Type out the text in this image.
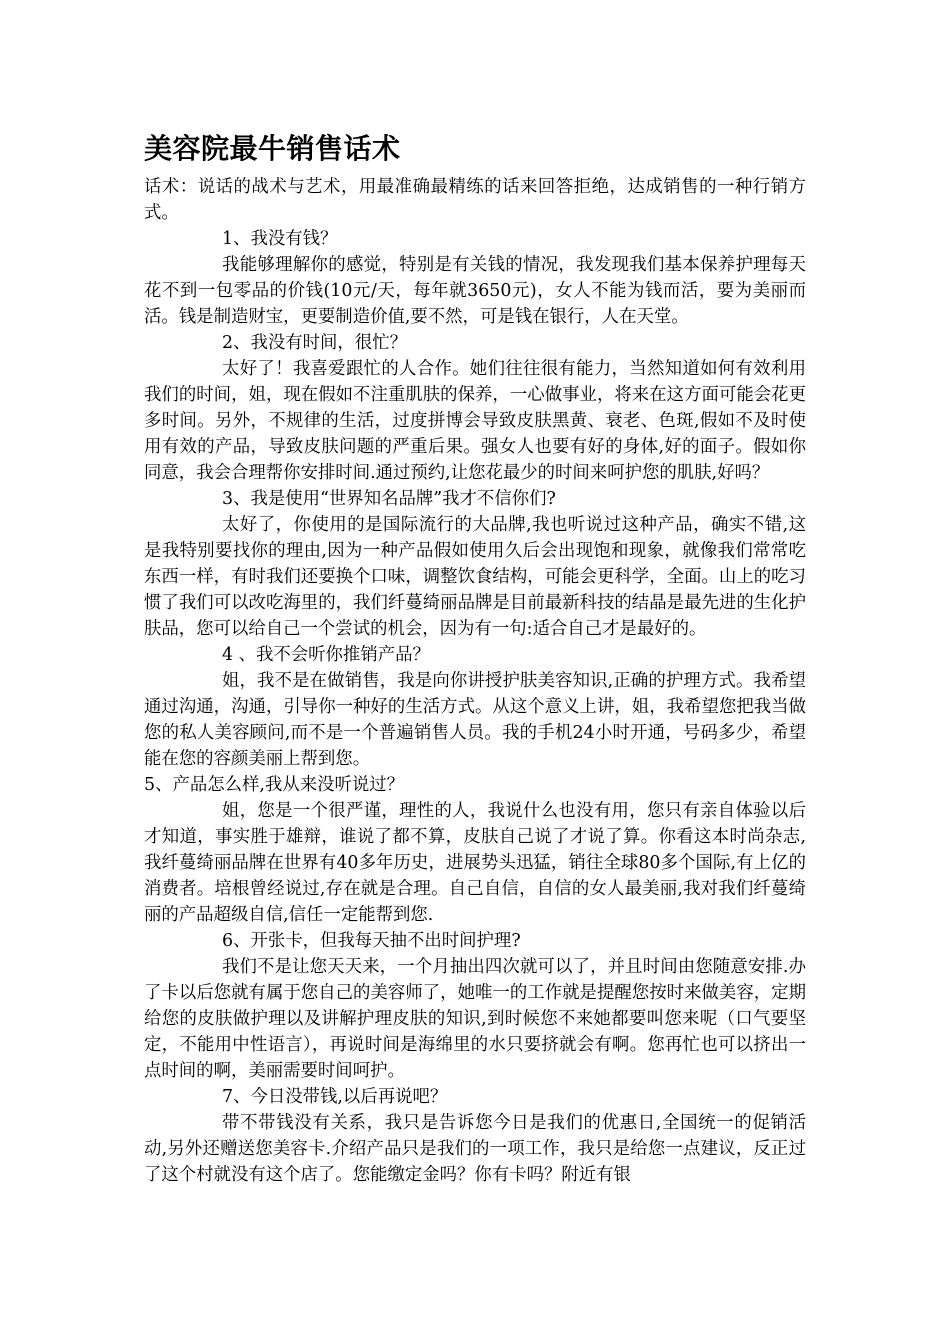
美容院最牛销售话术

话术：说话的战术与艺术，用最准确最精练的话来回答拒绝，达成销售的一种行销方式。

1、我没有钱？

我能够理解你的感觉，特别是有关钱的情况，我发现我们基本保养护理每天花不到一包零品的价钱(10元/天，每年就3650元)，女人不能为钱而活，要为美丽而活。钱是制造财宝，更要制造价值,要不然，可是钱在银行，人在天堂。

2、我没有时间，很忙？

太好了！我喜爱跟忙的人合作。她们往往很有能力，当然知道如何有效利用我们的时间，姐，现在假如不注重肌肤的保养，一心做事业，将来在这方面可能会花更多时间。另外，不规律的生活，过度拼博会导致皮肤黑黄、衰老、色斑,假如不及时使用有效的产品，导致皮肤问题的严重后果。强女人也要有好的身体,好的面子。假如你同意，我会合理帮你安排时间.通过预约,让您花最少的时间来呵护您的肌肤,好吗？

3、我是使用“世界知名品牌”我才不信你们?

太好了，你使用的是国际流行的大品牌,我也听说过这种产品，确实不错,这是我特别要找你的理由,因为一种产品假如使用久后会出现饱和现象，就像我们常常吃东西一样，有时我们还要换个口味，调整饮食结构，可能会更科学，全面。山上的吃习惯了我们可以改吃海里的，我们纤蔓绮丽品牌是目前最新科技的结晶是最先进的生化护肤品，您可以给自己一个尝试的机会，因为有一句:适合自己才是最好的。

4 、我不会听你推销产品？

姐，我不是在做销售，我是向你讲授护肤美容知识,正确的护理方式。我希望通过沟通，沟通，引导你一种好的生活方式。从这个意义上讲，姐，我希望您把我当做您的私人美容顾问,而不是一个普遍销售人员。我的手机24小时开通，号码多少，希望能在您的容颜美丽上帮到您。

5、产品怎么样,我从来没听说过？

姐，您是一个很严谨，理性的人，我说什么也没有用，您只有亲自体验以后才知道，事实胜于雄辩，谁说了都不算，皮肤自己说了才说了算。你看这本时尚杂志,我纤蔓绮丽品牌在世界有40多年历史，进展势头迅猛，销往全球80多个国际,有上亿的消费者。培根曾经说过,存在就是合理。自己自信，自信的女人最美丽,我对我们纤蔓绮丽的产品超级自信,信任一定能帮到您.

6、开张卡，但我每天抽不出时间护理?

我们不是让您天天来，一个月抽出四次就可以了，并且时间由您随意安排.办了卡以后您就有属于您自己的美容师了，她唯一的工作就是提醒您按时来做美容，定期给您的皮肤做护理以及讲解护理皮肤的知识,到时候您不来她都要叫您来呢（口气要坚定，不能用中性语言），再说时间是海绵里的水只要挤就会有啊。您再忙也可以挤出一点时间的啊，美丽需要时间呵护。

7、今日没带钱,以后再说吧？

带不带钱没有关系，我只是告诉您今日是我们的优惠日,全国统一的促销活动,另外还赠送您美容卡.介绍产品只是我们的一项工作，我只是给您一点建议，反正过了这个村就没有这个店了。您能缴定金吗？你有卡吗？附近有银
